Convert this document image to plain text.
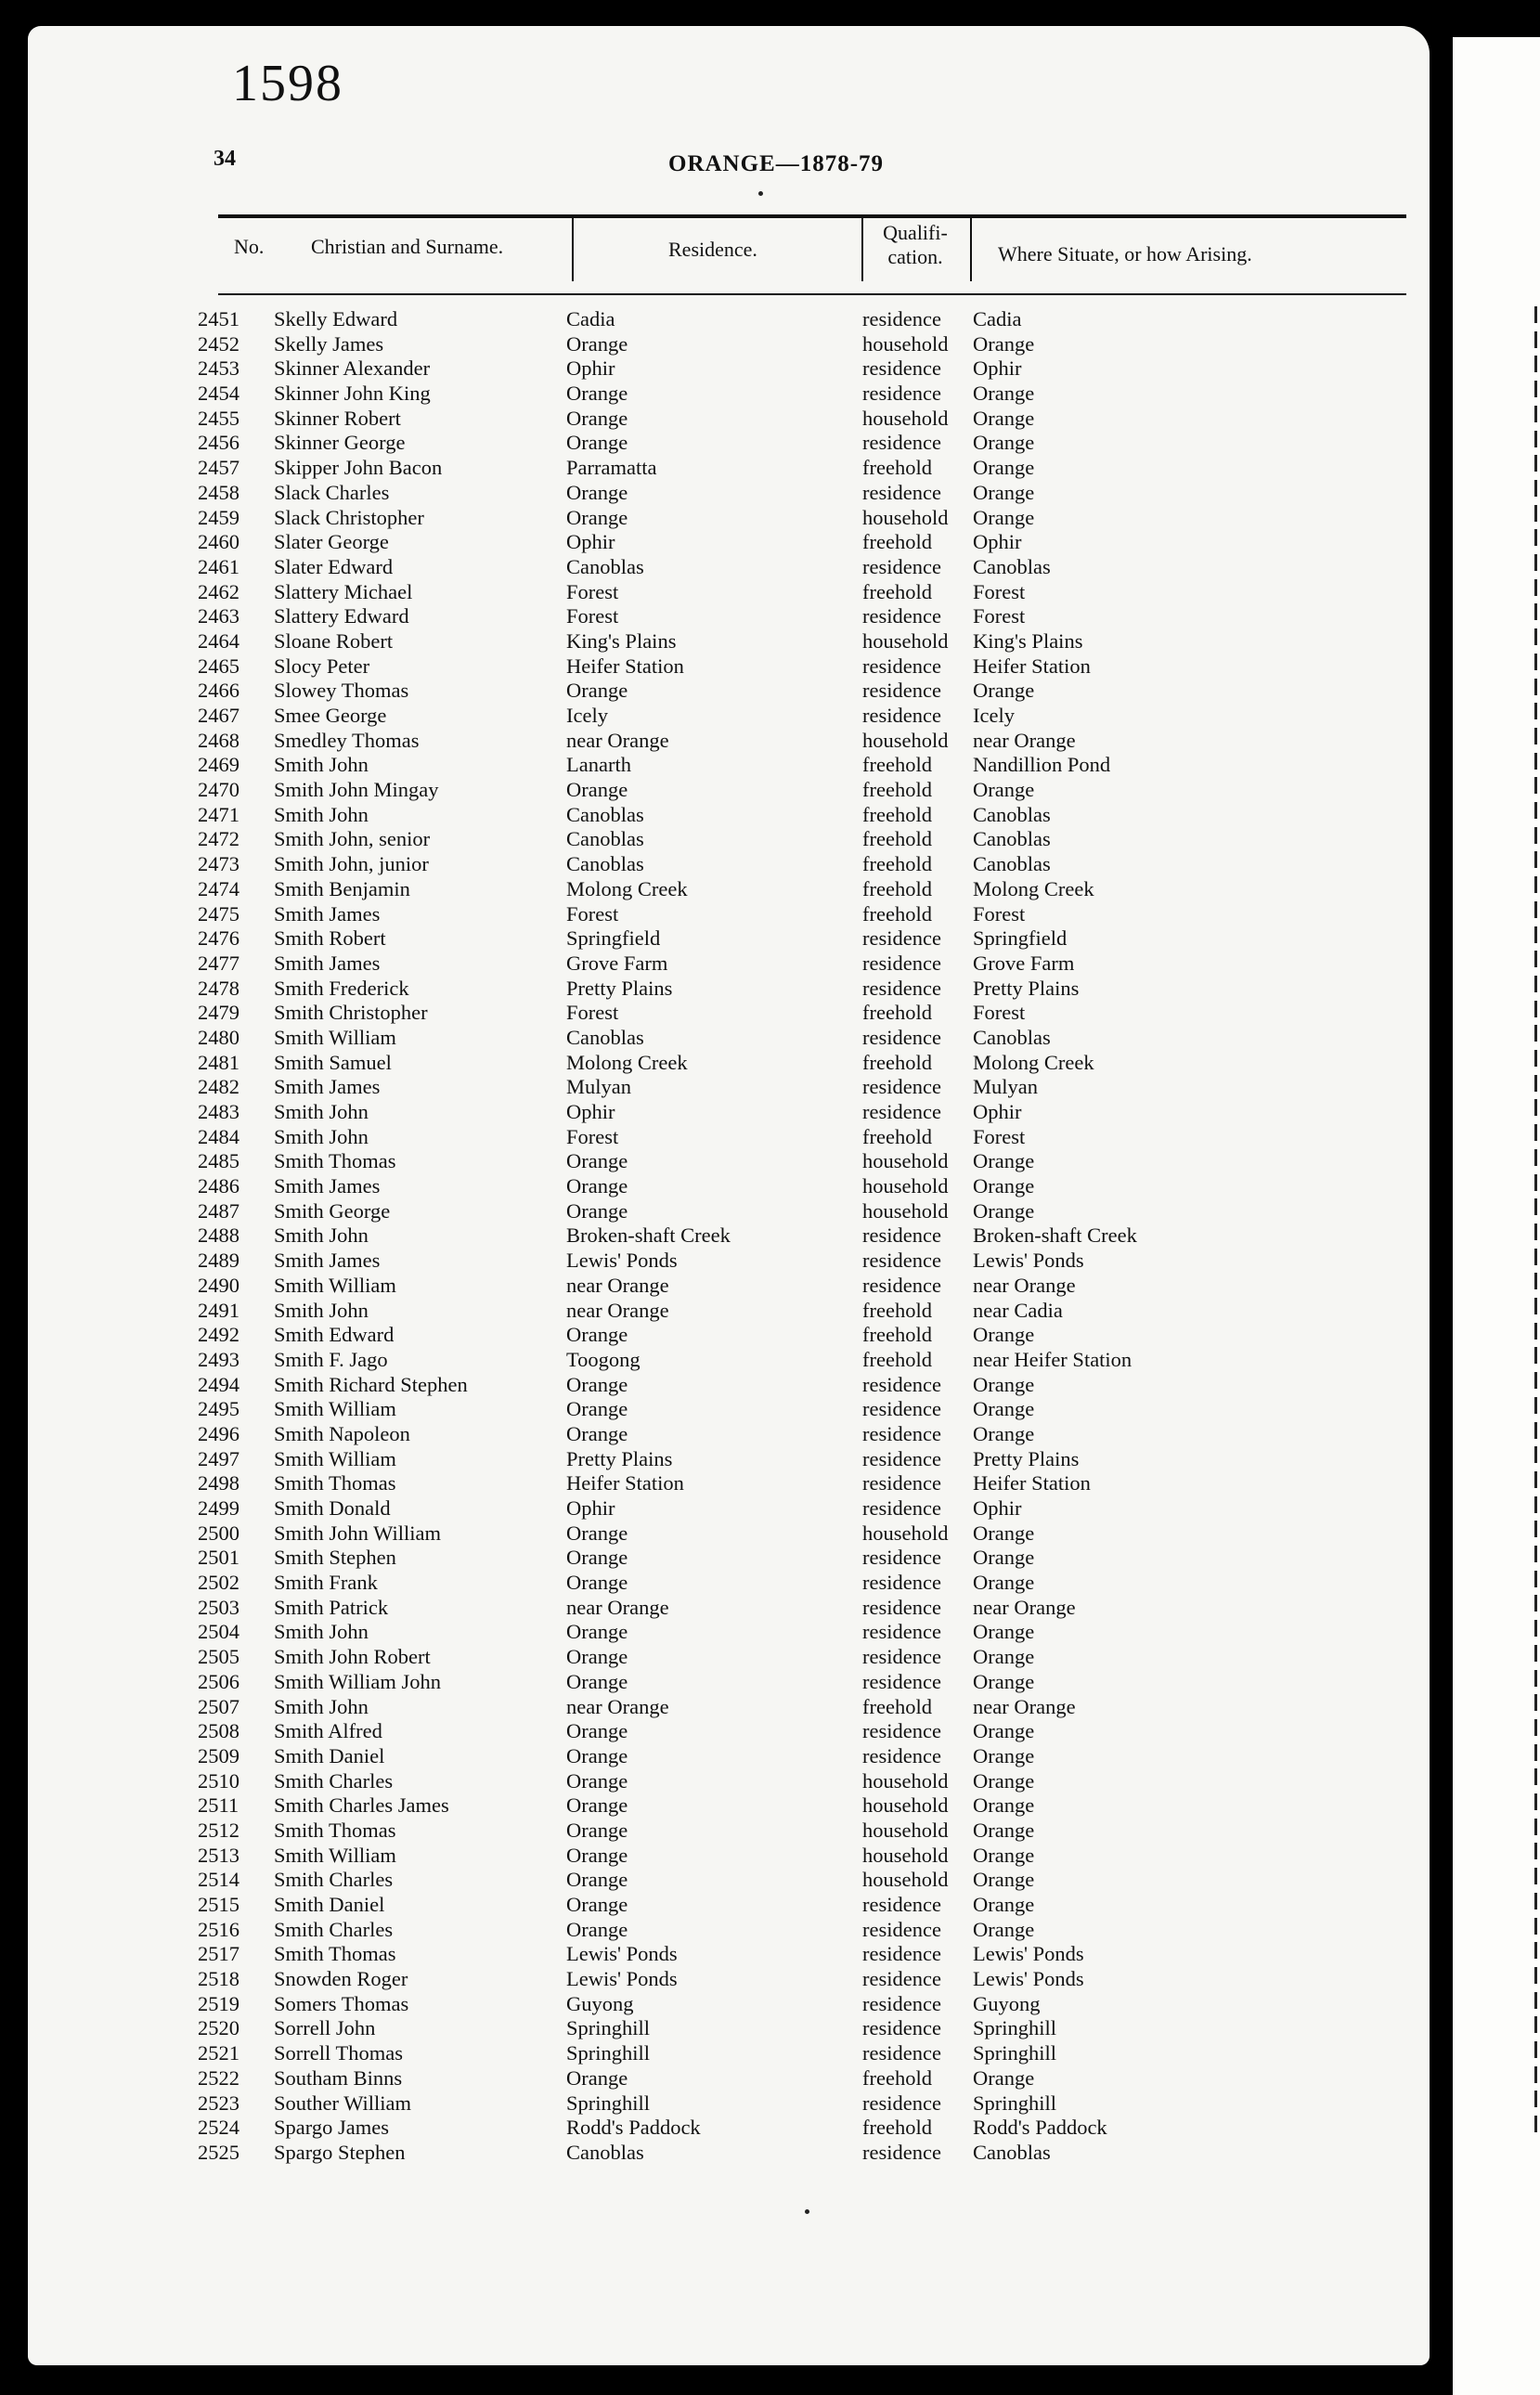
1598
34	ORANGE—1878-79
No. Christian and Surname.	Residence.
Qualifi-
cation.	Where Situate, or how Arising.
2451 Skelly Edward	Cadia	residence Cadia
2452 Skelly James	Orange	household Orange
2453 Skinner Alexander	Ophir	residence Ophir
2454 Skinner John King	Orange	residence Orange
2455 Skinner Robert	Orange	household Orange
2456 Skinner George	Orange	residence Orange
2457 Skipper John Bacon	Parramatta	freehold Orange
2458 Slack Charles	Orange	residence Orange
2459 Slack Christopher	Orange	household Orange
2460 Slater George	Ophir	freehold Ophir
2461 Slater Edward	Canoblas	residence Canoblas
2462 Slattery Michael	Forest	freehold Forest
2463 Slattery Edward	Forest	residence Forest
2464 Sloane Robert	King's Plains	household King's Plains
2465 Slocy Peter	Heifer Station	residence Heifer Station
2466 Slowey Thomas	Orange	residence Orange
2467 Smee George	Icely	residence Icely
2468 Smedley Thomas	near Orange	household near Orange
2469 Smith John	Lanarth	freehold Nandillion Pond
2470 Smith John Mingay	Orange	freehold Orange
2471 Smith John	Canoblas	freehold Canoblas
2472 Smith John, senior	Canoblas	freehold Canoblas
2473 Smith John, junior	Canoblas	freehold Canoblas
2474 Smith Benjamin	Molong Creek	freehold Molong Creek
2475 Smith James	Forest	freehold Forest
2476 Smith Robert	Springfield	residence Springfield
2477 Smith James	Grove Farm	residence Grove Farm
2478 Smith Frederick	Pretty Plains	residence Pretty Plains
2479 Smith Christopher	Forest	freehold Forest
2480 Smith William	Canoblas	residence Canoblas
2481 Smith Samuel	Molong Creek	freehold Molong Creek
2482 Smith James	Mulyan	residence Mulyan
2483 Smith John	Ophir	residence Ophir
2484 Smith John	Forest	freehold Forest
2485 Smith Thomas	Orange	household Orange
2486 Smith James	Orange	household Orange
2487 Smith George	Orange	household Orange
2488 Smith John	Broken-shaft Creek	residence Broken-shaft Creek
2489 Smith James	Lewis' Ponds	residence Lewis' Ponds
2490 Smith William	near Orange	residence near Orange
2491 Smith John	near Orange	freehold near Cadia
2492 Smith Edward	Orange	freehold Orange
2493 Smith F. Jago	Toogong	freehold near Heifer Station
2494 Smith Richard Stephen	Orange	residence Orange
2495 Smith William	Orange	residence Orange
2496 Smith Napoleon	Orange	residence Orange
2497 Smith William	Pretty Plains	residence Pretty Plains
2498 Smith Thomas	Heifer Station	residence Heifer Station
2499 Smith Donald	Ophir	residence Ophir
2500 Smith John William	Orange	household Orange
2501 Smith Stephen	Orange	residence Orange
2502 Smith Frank	Orange	residence Orange
2503 Smith Patrick	near Orange	residence near Orange
2504 Smith John	Orange	residence Orange
2505 Smith John Robert	Orange	residence Orange
2506 Smith William John	Orange	residence Orange
2507 Smith John	near Orange	freehold near Orange
2508 Smith Alfred	Orange	residence Orange
2509 Smith Daniel	Orange	residence Orange
2510 Smith Charles	Orange	household Orange
2511 Smith Charles James	Orange	household Orange
2512 Smith Thomas	Orange	household Orange
2513 Smith William	Orange	household Orange
2514 Smith Charles	Orange	household Orange
2515 Smith Daniel	Orange	residence Orange
2516 Smith Charles	Orange	residence Orange
2517 Smith Thomas	Lewis' Ponds	residence Lewis' Ponds
2518 Snowden Roger	Lewis' Ponds	residence Lewis' Ponds
2519 Somers Thomas	Guyong	residence Guyong
2520 Sorrell John	Springhill	residence Springhill
2521 Sorrell Thomas	Springhill	residence Springhill
2522 Southam Binns	Orange	freehold Orange
2523 Souther William	Springhill	residence Springhill
2524 Spargo James	Rodd's Paddock	freehold Rodd's Paddock
2525 Spargo Stephen	Canoblas	residence Canoblas
